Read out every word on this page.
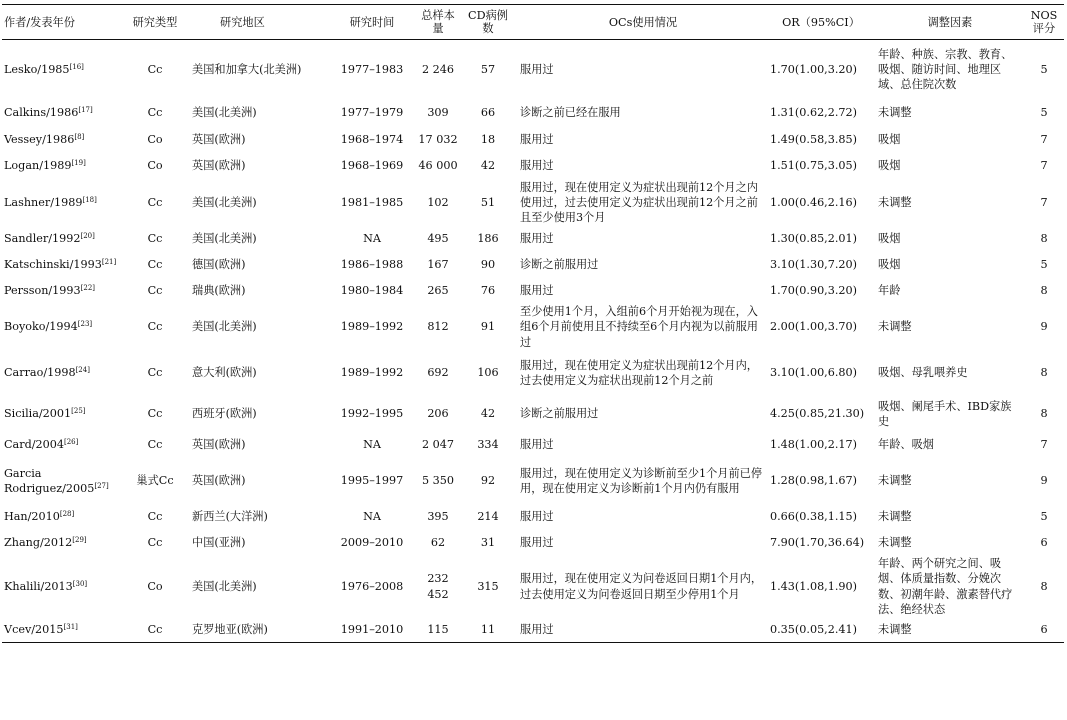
作者/发表年份	研究类型	研究地区	研究时间	总样本量	CD病例数	OCs使用情况	OR（95%CI）	调整因素	NOS评分
Lesko/1985[16]	Cc	美国和加拿大(北美洲)	1977–1983	2 246	57	服用过	1.70(1.00,3.20)	年龄、种族、宗教、教育、吸烟、随访时间、地理区域、总住院次数	5
Calkins/1986[17]	Cc	美国(北美洲)	1977–1979	309	66	诊断之前已经在服用	1.31(0.62,2.72)	未调整	5
Vessey/1986[8]	Co	英国(欧洲)	1968–1974	17 032	18	服用过	1.49(0.58,3.85)	吸烟	7
Logan/1989[19]	Co	英国(欧洲)	1968–1969	46 000	42	服用过	1.51(0.75,3.05)	吸烟	7
Lashner/1989[18]	Cc	美国(北美洲)	1981–1985	102	51	服用过，现在使用定义为症状出现前12个月之内使用过，过去使用定义为症状出现前12个月之前且至少使用3个月	1.00(0.46,2.16)	未调整	7
Sandler/1992[20]	Cc	美国(北美洲)	NA	495	186	服用过	1.30(0.85,2.01)	吸烟	8
Katschinski/1993[21]	Cc	德国(欧洲)	1986–1988	167	90	诊断之前服用过	3.10(1.30,7.20)	吸烟	5
Persson/1993[22]	Cc	瑞典(欧洲)	1980–1984	265	76	服用过	1.70(0.90,3.20)	年龄	8
Boyoko/1994[23]	Cc	美国(北美洲)	1989–1992	812	91	至少使用1个月，入组前6个月开始视为现在，入组6个月前使用且不持续至6个月内视为以前服用过	2.00(1.00,3.70)	未调整	9
Carrao/1998[24]	Cc	意大利(欧洲)	1989–1992	692	106	服用过，现在使用定义为症状出现前12个月内，过去使用定义为症状出现前12个月之前	3.10(1.00,6.80)	吸烟、母乳喂养史	8
Sicilia/2001[25]	Cc	西班牙(欧洲)	1992–1995	206	42	诊断之前服用过	4.25(0.85,21.30)	吸烟、阑尾手术、IBD家族史	8
Card/2004[26]	Cc	英国(欧洲)	NA	2 047	334	服用过	1.48(1.00,2.17)	年龄、吸烟	7
Garcia Rodriguez/2005[27]	巢式Cc	英国(欧洲)	1995–1997	5 350	92	服用过，现在使用定义为诊断前至少1个月前已停用，现在使用定义为诊断前1个月内仍有服用	1.28(0.98,1.67)	未调整	9
Han/2010[28]	Cc	新西兰(大洋洲)	NA	395	214	服用过	0.66(0.38,1.15)	未调整	5
Zhang/2012[29]	Cc	中国(亚洲)	2009–2010	62	31	服用过	7.90(1.70,36.64)	未调整	6
Khalili/2013[30]	Co	美国(北美洲)	1976–2008	232 452	315	服用过，现在使用定义为问卷返回日期1个月内，过去使用定义为问卷返回日期至少停用1个月	1.43(1.08,1.90)	年龄、两个研究之间、吸烟、体质量指数、分娩次数、初潮年龄、激素替代疗法、绝经状态	8
Vcev/2015[31]	Cc	克罗地亚(欧洲)	1991–2010	115	11	服用过	0.35(0.05,2.41)	未调整	6
